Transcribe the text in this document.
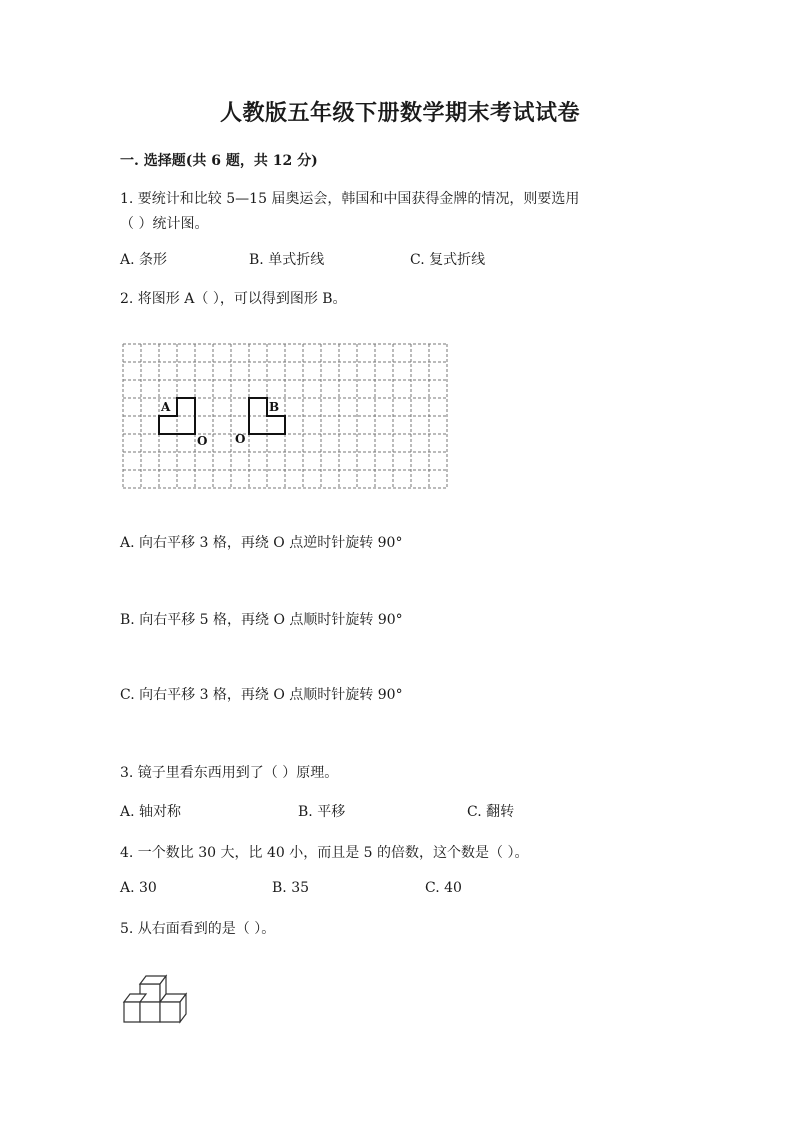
人教版五年级下册数学期末考试试卷
一. 选择题(共 6 题，共 12 分)
1. 要统计和比较 5—15 届奥运会，韩国和中国获得金牌的情况，则要选用
（ ）统计图。
A. 条形	B. 单式折线	C. 复式折线
2. 将图形 A（ ），可以得到图形 B。
A	B
O O
A. 向右平移 3 格，再绕 O 点逆时针旋转 90°
B. 向右平移 5 格，再绕 O 点顺时针旋转 90°
C. 向右平移 3 格，再绕 O 点顺时针旋转 90°
3. 镜子里看东西用到了（ ）原理。
A. 轴对称	B. 平移	C. 翻转
4. 一个数比 30 大，比 40 小，而且是 5 的倍数，这个数是（ ）。
A. 30	B. 35	C. 40
5. 从右面看到的是（ ）。
